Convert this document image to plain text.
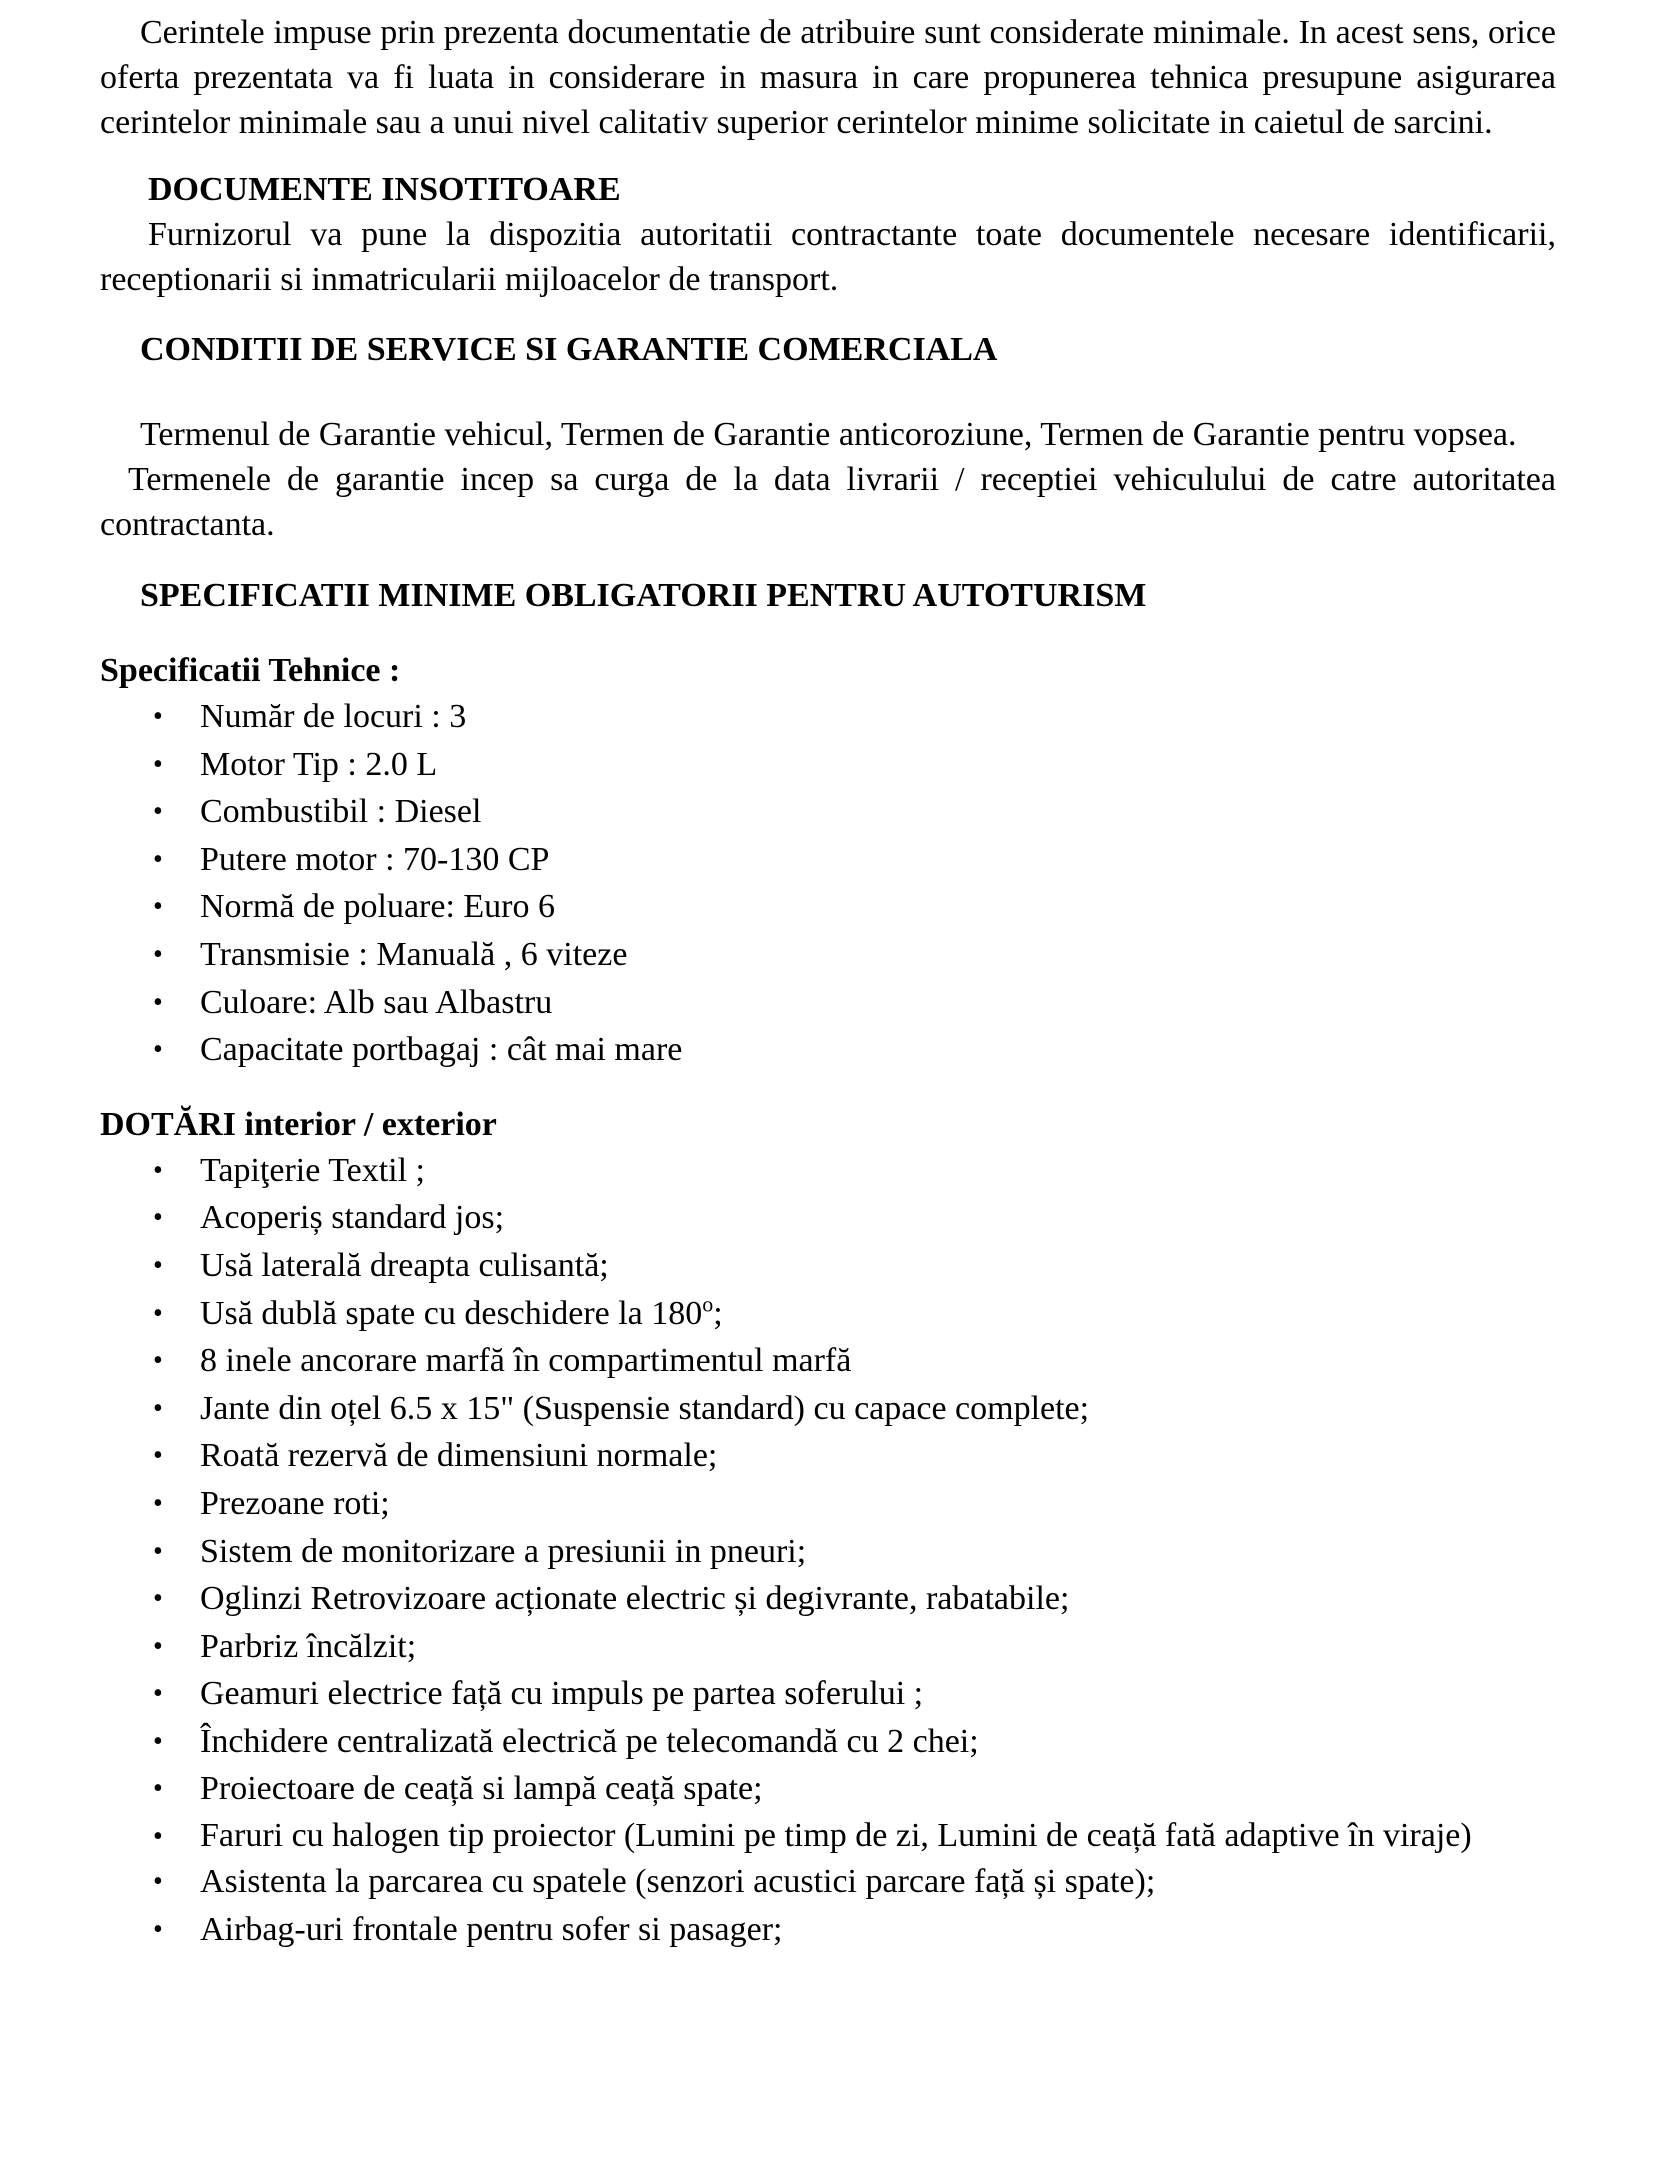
Cerintele impuse prin prezenta documentatie de atribuire sunt considerate minimale. In acest sens, orice oferta prezentata va fi luata in considerare in masura in care propunerea tehnica presupune asigurarea cerintelor minimale sau a unui nivel calitativ superior cerintelor minime solicitate in caietul de sarcini.

DOCUMENTE INSOTITOARE

Furnizorul va pune la dispozitia autoritatii contractante toate documentele necesare identificarii, receptionarii si inmatricularii mijloacelor de transport.

CONDITII DE SERVICE SI GARANTIE COMERCIALA

Termenul de Garantie vehicul, Termen de Garantie anticoroziune, Termen de Garantie pentru vopsea.

Termenele de garantie incep sa curga de la data livrarii / receptiei vehiculului de catre autoritatea contractanta.

SPECIFICATII MINIME OBLIGATORII PENTRU AUTOTURISM
Specificatii Tehnice :
• Număr de locuri : 3
• Motor Tip : 2.0 L
• Combustibil : Diesel
• Putere motor : 70-130 CP
• Normă de poluare: Euro 6
• Transmisie : Manuală , 6 viteze
• Culoare: Alb sau Albastru
• Capacitate portbagaj : cât mai mare
DOTĂRI interior / exterior
• Tapiţerie Textil ;
• Acoperiș standard jos;
• Usă laterală dreapta culisantă;
• Usă dublă spate cu deschidere la 180$^o$;
• 8 inele ancorare marfă în compartimentul marfă
• Jante din oțel 6.5 x 15" (Suspensie standard) cu capace complete;
• Roată rezervă de dimensiuni normale;
• Prezoane roti;
• Sistem de monitorizare a presiunii in pneuri;
• Oglinzi Retrovizoare acționate electric și degivrante, rabatabile;
• Parbriz încălzit;
• Geamuri electrice față cu impuls pe partea soferului ;
• Închidere centralizată electrică pe telecomandă cu 2 chei;
• Proiectoare de ceață si lampă ceață spate;
• Faruri cu halogen tip proiector (Lumini pe timp de zi, Lumini de ceață fată adaptive în viraje)
• Asistenta la parcarea cu spatele (senzori acustici parcare față și spate);
• Airbag-uri frontale pentru sofer si pasager;
